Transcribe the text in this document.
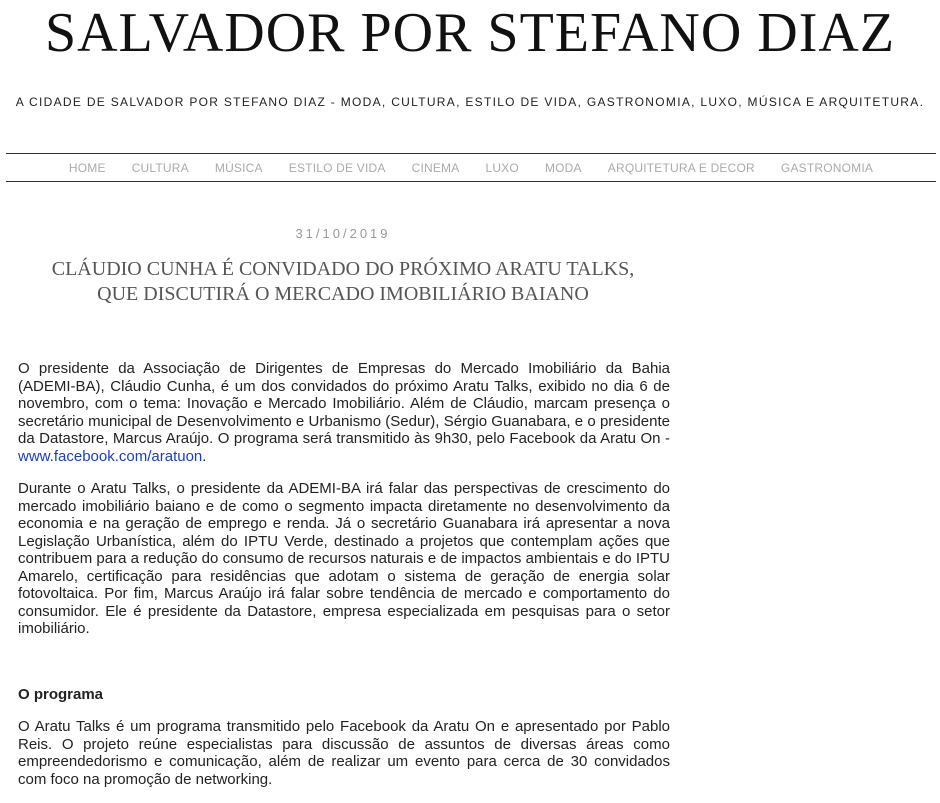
SALVADOR POR STEFANO DIAZ

A CIDADE DE SALVADOR POR STEFANO DIAZ - MODA, CULTURA, ESTILO DE VIDA, GASTRONOMIA, LUXO, MÚSICA E ARQUITETURA.

HOME CULTURA MÚSICA ESTILO DE VIDA CINEMA LUXO MODA ARQUITETURA E DECOR GASTRONOMIA
31/10/2019
CLÁUDIO CUNHA É CONVIDADO DO PRÓXIMO ARATU TALKS,
QUE DISCUTIRÁ O MERCADO IMOBILIÁRIO BAIANO

O presidente da Associação de Dirigentes de Empresas do Mercado Imobiliário da Bahia (ADEMI-BA), Cláudio Cunha, é um dos convidados do próximo Aratu Talks, exibido no dia 6 de novembro, com o tema: Inovação e Mercado Imobiliário. Além de Cláudio, marcam presença o secretário municipal de Desenvolvimento e Urbanismo (Sedur), Sérgio Guanabara, e o presidente da Datastore, Marcus Araújo. O programa será transmitido às 9h30, pelo Facebook da Aratu On - www.facebook.com/aratuon.

Durante o Aratu Talks, o presidente da ADEMI-BA irá falar das perspectivas de crescimento do mercado imobiliário baiano e de como o segmento impacta diretamente no desenvolvimento da economia e na geração de emprego e renda. Já o secretário Guanabara irá apresentar a nova Legislação Urbanística, além do IPTU Verde, destinado a projetos que contemplam ações que contribuem para a redução do consumo de recursos naturais e de impactos ambientais e do IPTU Amarelo, certificação para residências que adotam o sistema de geração de energia solar fotovoltaica. Por fim, Marcus Araújo irá falar sobre tendência de mercado e comportamento do consumidor. Ele é presidente da Datastore, empresa especializada em pesquisas para o setor imobiliário.

O programa

O Aratu Talks é um programa transmitido pelo Facebook da Aratu On e apresentado por Pablo Reis. O projeto reúne especialistas para discussão de assuntos de diversas áreas como empreendedorismo e comunicação, além de realizar um evento para cerca de 30 convidados com foco na promoção de networking.
